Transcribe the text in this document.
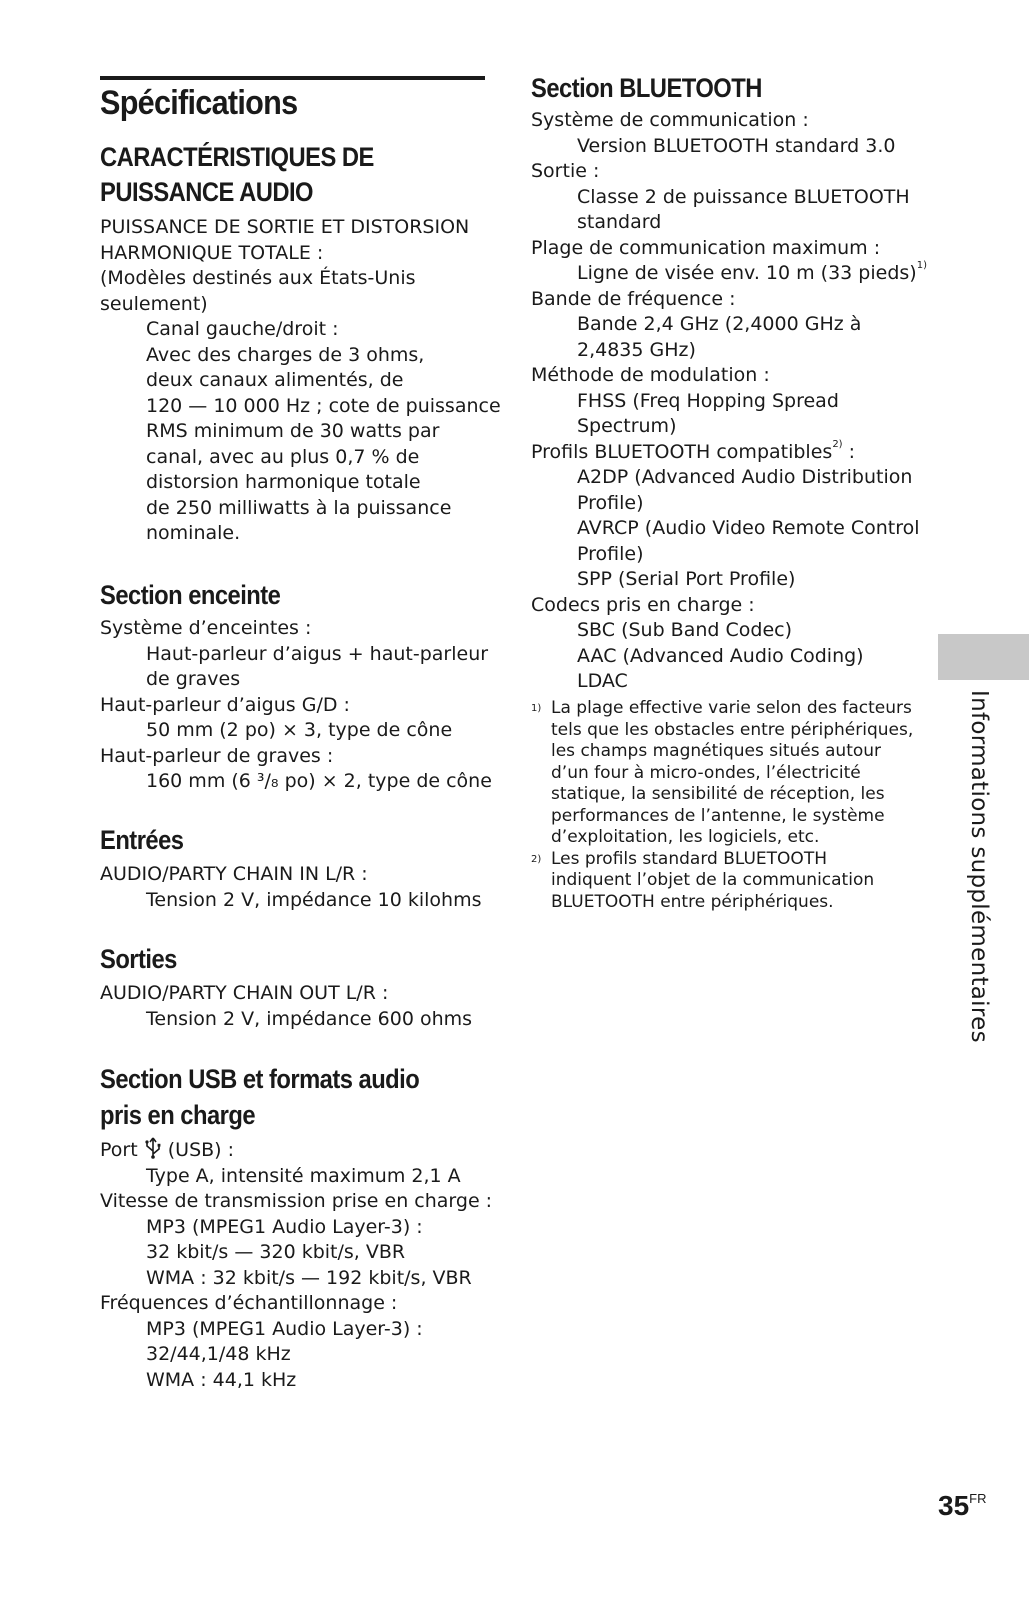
Spécifications
CARACTÉRISTIQUES DE
PUISSANCE AUDIO
PUISSANCE DE SORTIE ET DISTORSION
HARMONIQUE TOTALE :
(Modèles destinés aux États-Unis
seulement)
Canal gauche/droit :
Avec des charges de 3 ohms,
deux canaux alimentés, de
120 — 10 000 Hz ; cote de puissance
RMS minimum de 30 watts par
canal, avec au plus 0,7 % de
distorsion harmonique totale
de 250 milliwatts à la puissance
nominale.
Section enceinte
Système d’enceintes :
Haut-parleur d’aigus + haut-parleur
de graves
Haut-parleur d’aigus G/D :
50 mm (2 po) × 3, type de cône
Haut-parleur de graves :
160 mm (6 ³/₈ po) × 2, type de cône
Entrées
AUDIO/PARTY CHAIN IN L/R :
Tension 2 V, impédance 10 kilohms
Sorties
AUDIO/PARTY CHAIN OUT L/R :
Tension 2 V, impédance 600 ohms
Section USB et formats audio
pris en charge
Port (USB) :
Type A, intensité maximum 2,1 A
Vitesse de transmission prise en charge :
MP3 (MPEG1 Audio Layer-3) :
32 kbit/s — 320 kbit/s, VBR
WMA : 32 kbit/s — 192 kbit/s, VBR
Fréquences d’échantillonnage :
MP3 (MPEG1 Audio Layer-3) :
32/44,1/48 kHz
WMA : 44,1 kHz
Section BLUETOOTH
Système de communication :
Version BLUETOOTH standard 3.0
Sortie :
Classe 2 de puissance BLUETOOTH
standard
Plage de communication maximum :
Ligne de visée env. 10 m (33 pieds)$^{1)}$
Bande de fréquence :
Bande 2,4 GHz (2,4000 GHz à
2,4835 GHz)
Méthode de modulation :
FHSS (Freq Hopping Spread
Spectrum)
Profils BLUETOOTH compatibles$^{2)}$ :
A2DP (Advanced Audio Distribution
Profile)
AVRCP (Audio Video Remote Control
Profile)
SPP (Serial Port Profile)
Codecs pris en charge :
SBC (Sub Band Codec)
AAC (Advanced Audio Coding)
LDAC
1) La plage effective varie selon des facteurs
tels que les obstacles entre périphériques,
les champs magnétiques situés autour
d’un four à micro-ondes, l’électricité
statique, la sensibilité de réception, les
performances de l’antenne, le système
d’exploitation, les logiciels, etc.
2) Les profils standard BLUETOOTH
indiquent l’objet de la communication
BLUETOOTH entre périphériques.	Informations supplémentaires
$35^{FR}$
